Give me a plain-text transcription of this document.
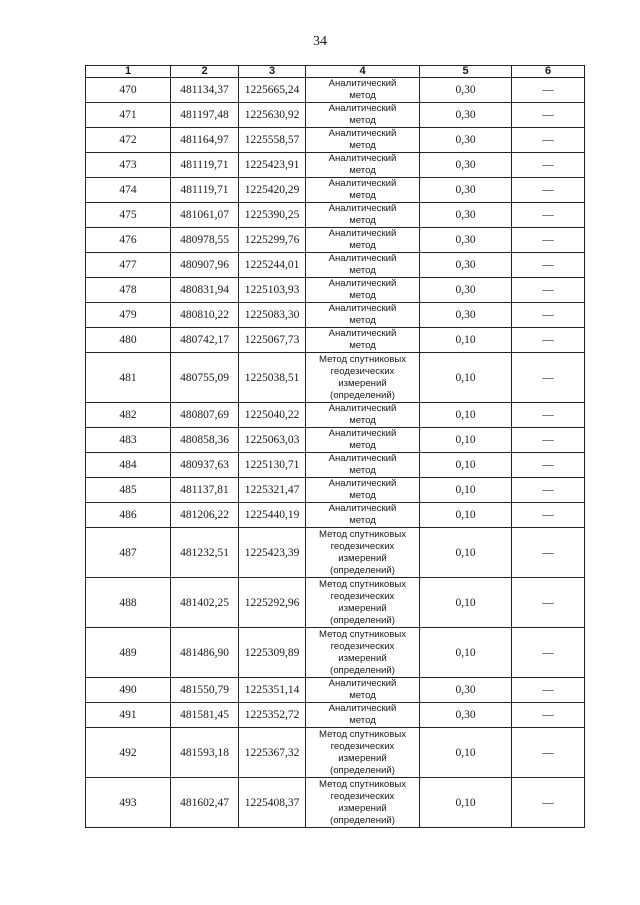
34
1	2	3	4	5	6
470	481134,37	1225665,24	Аналитический
метод	0,30	—
471	481197,48	1225630,92	Аналитический
метод	0,30	—
472	481164,97	1225558,57	Аналитический
метод	0,30	—
473	481119,71	1225423,91	Аналитический
метод	0,30	—
474	481119,71	1225420,29	Аналитический
метод	0,30	—
475	481061,07	1225390,25	Аналитический
метод	0,30	—
476	480978,55	1225299,76	Аналитический
метод	0,30	—
477	480907,96	1225244,01	Аналитический
метод	0,30	—
478	480831,94	1225103,93	Аналитический
метод	0,30	—
479	480810,22	1225083,30	Аналитический
метод	0,30	—
480	480742,17	1225067,73	Аналитический
метод	0,10	—
481	480755,09	1225038,51	Метод спутниковых
геодезических
измерений
(определений)	0,10	—
482	480807,69	1225040,22	Аналитический
метод	0,10	—
483	480858,36	1225063,03	Аналитический
метод	0,10	—
484	480937,63	1225130,71	Аналитический
метод	0,10	—
485	481137,81	1225321,47	Аналитический
метод	0,10	—
486	481206,22	1225440,19	Аналитический
метод	0,10	—
487	481232,51	1225423,39	Метод спутниковых
геодезических
измерений
(определений)	0,10	—
488	481402,25	1225292,96	Метод спутниковых
геодезических
измерений
(определений)	0,10	—
489	481486,90	1225309,89	Метод спутниковых
геодезических
измерений
(определений)	0,10	—
490	481550,79	1225351,14	Аналитический
метод	0,30	—
491	481581,45	1225352,72	Аналитический
метод	0,30	—
492	481593,18	1225367,32	Метод спутниковых
геодезических
измерений
(определений)	0,10	—
493	481602,47	1225408,37	Метод спутниковых
геодезических
измерений
(определений)	0,10	—
